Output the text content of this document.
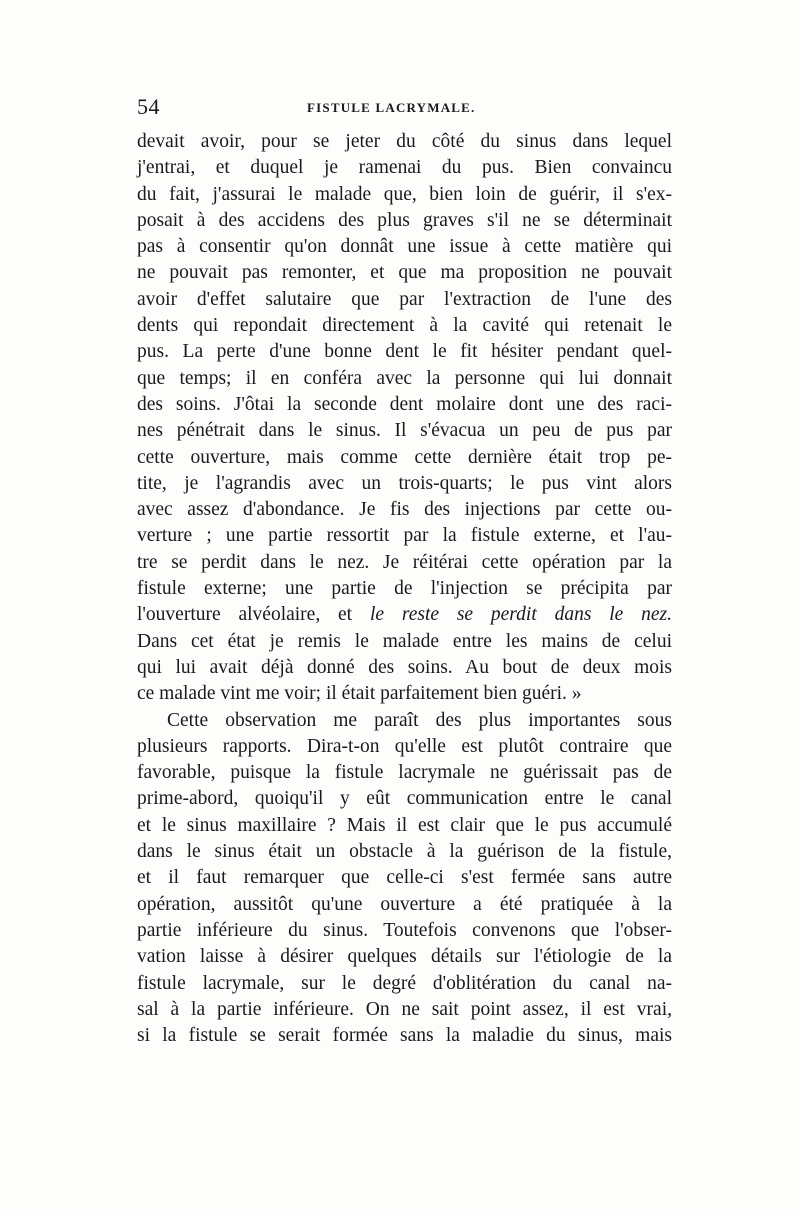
54	FISTULE LACRYMALE.
devait avoir, pour se jeter du côté du sinus dans lequel
j'entrai, et duquel je ramenai du pus. Bien convaincu
du fait, j'assurai le malade que, bien loin de guérir, il s'ex-
posait à des accidens des plus graves s'il ne se déterminait
pas à consentir qu'on donnât une issue à cette matière qui
ne pouvait pas remonter, et que ma proposition ne pouvait
avoir d'effet salutaire que par l'extraction de l'une des
dents qui repondait directement à la cavité qui retenait le
pus. La perte d'une bonne dent le fit hésiter pendant quel-
que temps; il en conféra avec la personne qui lui donnait
des soins. J'ôtai la seconde dent molaire dont une des raci-
nes pénétrait dans le sinus. Il s'évacua un peu de pus par
cette ouverture, mais comme cette dernière était trop pe-
tite, je l'agrandis avec un trois-quarts; le pus vint alors
avec assez d'abondance. Je fis des injections par cette ou-
verture ; une partie ressortit par la fistule externe, et l'au-
tre se perdit dans le nez. Je réitérai cette opération par la
fistule externe; une partie de l'injection se précipita par
l'ouverture alvéolaire, et le reste se perdit dans le nez.
Dans cet état je remis le malade entre les mains de celui
qui lui avait déjà donné des soins. Au bout de deux mois
ce malade vint me voir; il était parfaitement bien guéri. »
Cette observation me paraît des plus importantes sous
plusieurs rapports. Dira-t-on qu'elle est plutôt contraire que
favorable, puisque la fistule lacrymale ne guérissait pas de
prime-abord, quoiqu'il y eût communication entre le canal
et le sinus maxillaire ? Mais il est clair que le pus accumulé
dans le sinus était un obstacle à la guérison de la fistule,
et il faut remarquer que celle-ci s'est fermée sans autre
opération, aussitôt qu'une ouverture a été pratiquée à la
partie inférieure du sinus. Toutefois convenons que l'obser-
vation laisse à désirer quelques détails sur l'étiologie de la
fistule lacrymale, sur le degré d'oblitération du canal na-
sal à la partie inférieure. On ne sait point assez, il est vrai,
si la fistule se serait formée sans la maladie du sinus, mais
